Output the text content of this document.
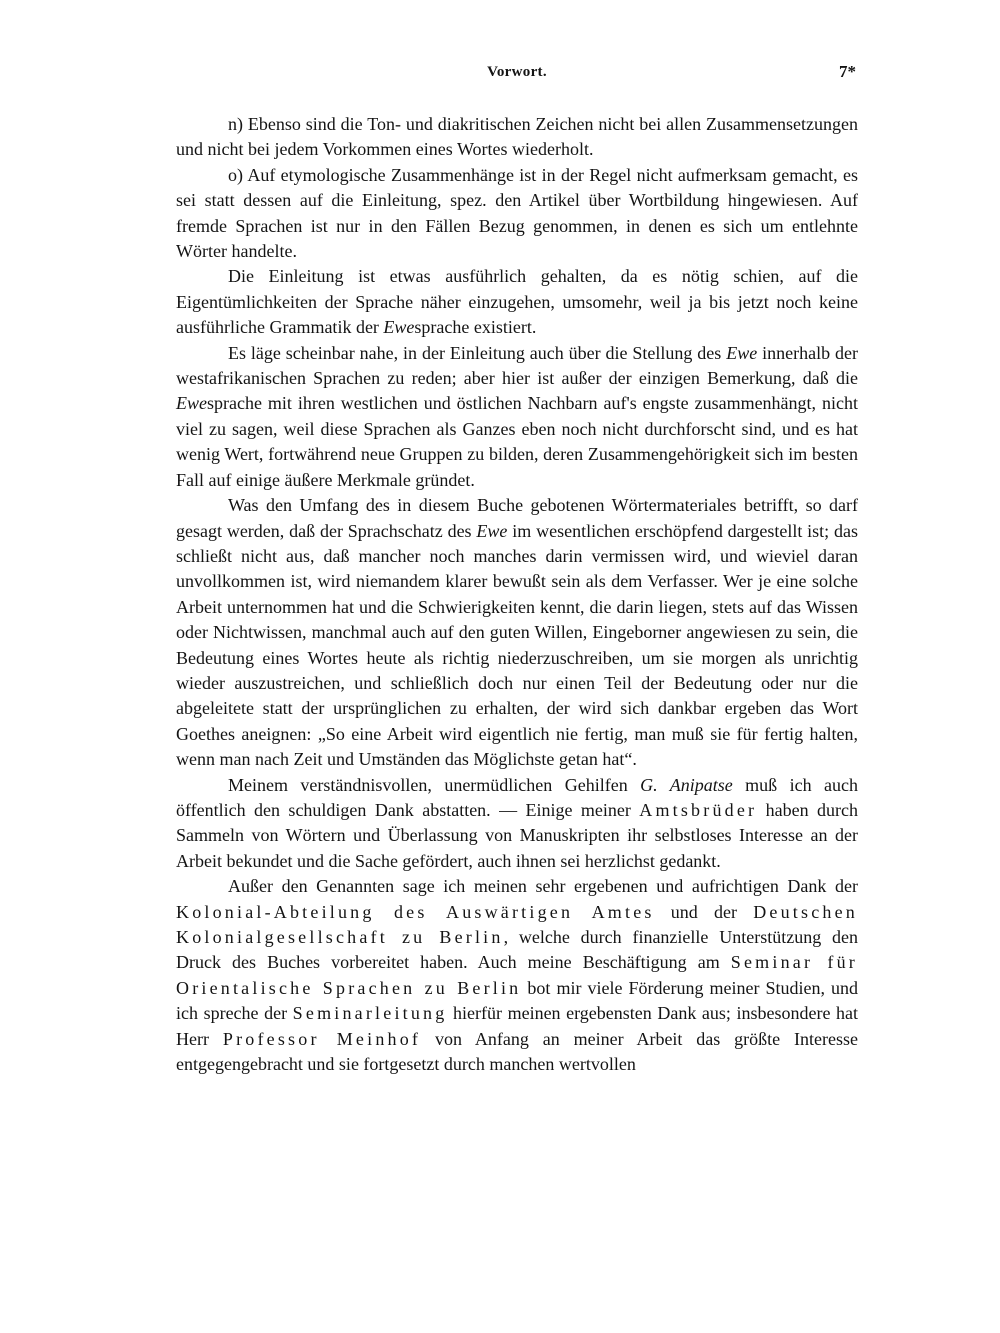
Vorwort.	7*

n) Ebenso sind die Ton- und diakritischen Zeichen nicht bei allen Zusammensetzungen und nicht bei jedem Vorkommen eines Wortes wiederholt.

o) Auf etymologische Zusammenhänge ist in der Regel nicht aufmerksam gemacht, es sei statt dessen auf die Einleitung, spez. den Artikel über Wortbildung hingewiesen. Auf fremde Sprachen ist nur in den Fällen Bezug genommen, in denen es sich um entlehnte Wörter handelte.

Die Einleitung ist etwas ausführlich gehalten, da es nötig schien, auf die Eigentümlichkeiten der Sprache näher einzugehen, umsomehr, weil ja bis jetzt noch keine ausführliche Grammatik der Ewesprache existiert.

Es läge scheinbar nahe, in der Einleitung auch über die Stellung des Ewe innerhalb der westafrikanischen Sprachen zu reden; aber hier ist außer der einzigen Bemerkung, daß die Ewesprache mit ihren westlichen und östlichen Nachbarn auf's engste zusammenhängt, nicht viel zu sagen, weil diese Sprachen als Ganzes eben noch nicht durchforscht sind, und es hat wenig Wert, fortwährend neue Gruppen zu bilden, deren Zusammengehörigkeit sich im besten Fall auf einige äußere Merkmale gründet.

Was den Umfang des in diesem Buche gebotenen Wörtermateriales betrifft, so darf gesagt werden, daß der Sprachschatz des Ewe im wesentlichen erschöpfend dargestellt ist; das schließt nicht aus, daß mancher noch manches darin vermissen wird, und wieviel daran unvollkommen ist, wird niemandem klarer bewußt sein als dem Verfasser. Wer je eine solche Arbeit unternommen hat und die Schwierigkeiten kennt, die darin liegen, stets auf das Wissen oder Nichtwissen, manchmal auch auf den guten Willen, Eingeborner angewiesen zu sein, die Bedeutung eines Wortes heute als richtig niederzuschreiben, um sie morgen als unrichtig wieder auszustreichen, und schließlich doch nur einen Teil der Bedeutung oder nur die abgeleitete statt der ursprünglichen zu erhalten, der wird sich dankbar ergeben das Wort Goethes aneignen: „So eine Arbeit wird eigentlich nie fertig, man muß sie für fertig halten, wenn man nach Zeit und Umständen das Möglichste getan hat“.

Meinem verständnisvollen, unermüdlichen Gehilfen G. Anipatse muß ich auch öffentlich den schuldigen Dank abstatten. — Einige meiner Amtsbrüder haben durch Sammeln von Wörtern und Überlassung von Manuskripten ihr selbstloses Interesse an der Arbeit bekundet und die Sache gefördert, auch ihnen sei herzlichst gedankt.

Außer den Genannten sage ich meinen sehr ergebenen und aufrichtigen Dank der Kolonial-Abteilung des Auswärtigen Amtes und der Deutschen Kolonialgesellschaft zu Berlin, welche durch finanzielle Unterstützung den Druck des Buches vorbereitet haben. Auch meine Beschäftigung am Seminar für Orientalische Sprachen zu Berlin bot mir viele Förderung meiner Studien, und ich spreche der Seminarleitung hierfür meinen ergebensten Dank aus; insbesondere hat Herr Professor Meinhof von Anfang an meiner Arbeit das größte Interesse entgegengebracht und sie fortgesetzt durch manchen wertvollen
